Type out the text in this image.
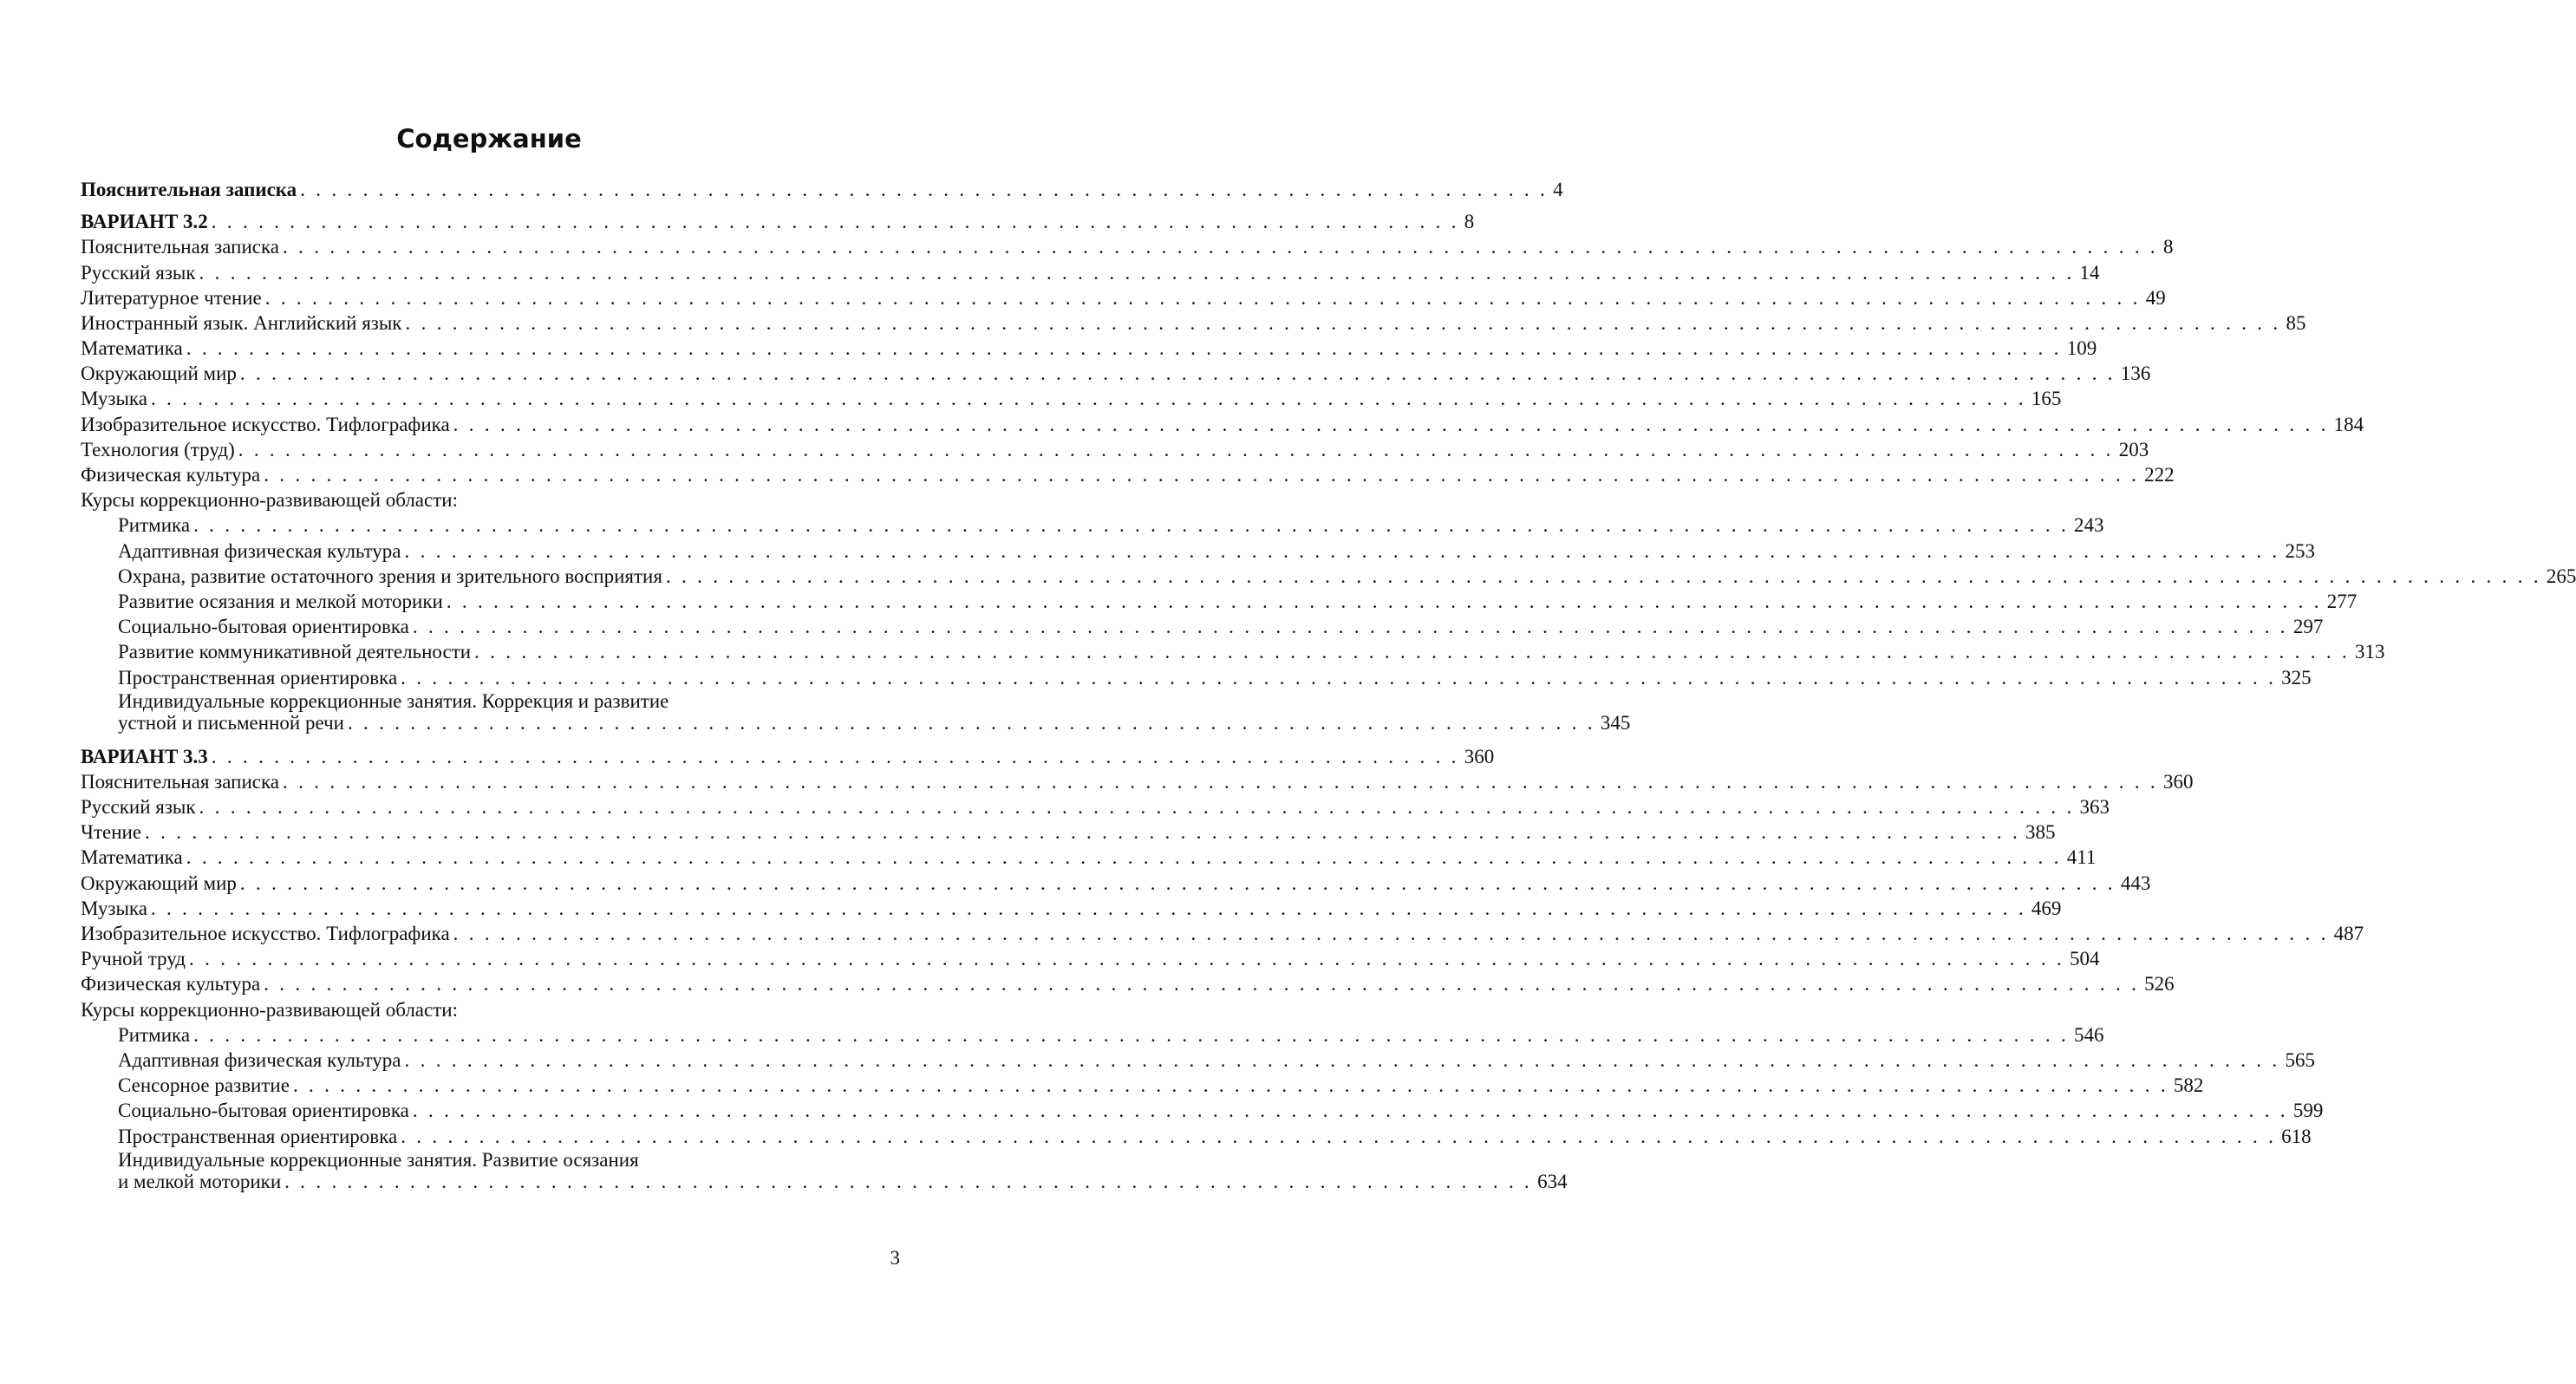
Содержание
Пояснительная записка . . . . . . . . . . . . . . . . . . . . . . . . . . . . . . . . . . . . . . . . . . . . . . . . . . . . . . . . . . . . . . . . . . . . . . . . . . . . . . . . 4
ВАРИАНТ 3.2 . . . . . . . . . . . . . . . . . . . . . . . . . . . . . . . . . . . . . . . . . . . . . . . . . . . . . . . . . . . . . . . . . . . . . . . . . . . . . . . . 8
Пояснительная записка . . . . . . . . . . . . . . . . . . . . . . . . . . . . . . . . . . . . . . . . . . . . . . . . . . . . . . . . . . . . . . . . . . . . . . . . . . . . . . . . . . . . . . . . . . . . . . . . . . . . . . . . . . . . . . . . . . . . . . . . 8
Русский язык . . . . . . . . . . . . . . . . . . . . . . . . . . . . . . . . . . . . . . . . . . . . . . . . . . . . . . . . . . . . . . . . . . . . . . . . . . . . . . . . . . . . . . . . . . . . . . . . . . . . . . . . . . . . . . . . . . . . . . . . 14
Литературное чтение . . . . . . . . . . . . . . . . . . . . . . . . . . . . . . . . . . . . . . . . . . . . . . . . . . . . . . . . . . . . . . . . . . . . . . . . . . . . . . . . . . . . . . . . . . . . . . . . . . . . . . . . . . . . . . . . . . . . . . . . 49
Иностранный язык. Английский язык . . . . . . . . . . . . . . . . . . . . . . . . . . . . . . . . . . . . . . . . . . . . . . . . . . . . . . . . . . . . . . . . . . . . . . . . . . . . . . . . . . . . . . . . . . . . . . . . . . . . . . . . . . . . . . . . . . . . . . . . 85
Математика . . . . . . . . . . . . . . . . . . . . . . . . . . . . . . . . . . . . . . . . . . . . . . . . . . . . . . . . . . . . . . . . . . . . . . . . . . . . . . . . . . . . . . . . . . . . . . . . . . . . . . . . . . . . . . . . . . . . . . . . 109
Окружающий мир . . . . . . . . . . . . . . . . . . . . . . . . . . . . . . . . . . . . . . . . . . . . . . . . . . . . . . . . . . . . . . . . . . . . . . . . . . . . . . . . . . . . . . . . . . . . . . . . . . . . . . . . . . . . . . . . . . . . . . . . 136
Музыка . . . . . . . . . . . . . . . . . . . . . . . . . . . . . . . . . . . . . . . . . . . . . . . . . . . . . . . . . . . . . . . . . . . . . . . . . . . . . . . . . . . . . . . . . . . . . . . . . . . . . . . . . . . . . . . . . . . . . . . . 165
Изобразительное искусство. Тифлографика . . . . . . . . . . . . . . . . . . . . . . . . . . . . . . . . . . . . . . . . . . . . . . . . . . . . . . . . . . . . . . . . . . . . . . . . . . . . . . . . . . . . . . . . . . . . . . . . . . . . . . . . . . . . . . . . . . . . . . . . 184
Технология (труд) . . . . . . . . . . . . . . . . . . . . . . . . . . . . . . . . . . . . . . . . . . . . . . . . . . . . . . . . . . . . . . . . . . . . . . . . . . . . . . . . . . . . . . . . . . . . . . . . . . . . . . . . . . . . . . . . . . . . . . . . 203
Физическая культура . . . . . . . . . . . . . . . . . . . . . . . . . . . . . . . . . . . . . . . . . . . . . . . . . . . . . . . . . . . . . . . . . . . . . . . . . . . . . . . . . . . . . . . . . . . . . . . . . . . . . . . . . . . . . . . . . . . . . . . . 222
Курсы коррекционно-развивающей области:
Ритмика . . . . . . . . . . . . . . . . . . . . . . . . . . . . . . . . . . . . . . . . . . . . . . . . . . . . . . . . . . . . . . . . . . . . . . . . . . . . . . . . . . . . . . . . . . . . . . . . . . . . . . . . . . . . . . . . . . . . . . . . 243
Адаптивная физическая культура . . . . . . . . . . . . . . . . . . . . . . . . . . . . . . . . . . . . . . . . . . . . . . . . . . . . . . . . . . . . . . . . . . . . . . . . . . . . . . . . . . . . . . . . . . . . . . . . . . . . . . . . . . . . . . . . . . . . . . . . 253
Охрана, развитие остаточного зрения и зрительного восприятия . . . . . . . . . . . . . . . . . . . . . . . . . . . . . . . . . . . . . . . . . . . . . . . . . . . . . . . . . . . . . . . . . . . . . . . . . . . . . . . . . . . . . . . . . . . . . . . . . . . . . . . . . . . . . . . . . . . . . . . . 265
Развитие осязания и мелкой моторики . . . . . . . . . . . . . . . . . . . . . . . . . . . . . . . . . . . . . . . . . . . . . . . . . . . . . . . . . . . . . . . . . . . . . . . . . . . . . . . . . . . . . . . . . . . . . . . . . . . . . . . . . . . . . . . . . . . . . . . . 277
Социально-бытовая ориентировка . . . . . . . . . . . . . . . . . . . . . . . . . . . . . . . . . . . . . . . . . . . . . . . . . . . . . . . . . . . . . . . . . . . . . . . . . . . . . . . . . . . . . . . . . . . . . . . . . . . . . . . . . . . . . . . . . . . . . . . . 297
Развитие коммуникативной деятельности . . . . . . . . . . . . . . . . . . . . . . . . . . . . . . . . . . . . . . . . . . . . . . . . . . . . . . . . . . . . . . . . . . . . . . . . . . . . . . . . . . . . . . . . . . . . . . . . . . . . . . . . . . . . . . . . . . . . . . . . 313
Пространственная ориентировка . . . . . . . . . . . . . . . . . . . . . . . . . . . . . . . . . . . . . . . . . . . . . . . . . . . . . . . . . . . . . . . . . . . . . . . . . . . . . . . . . . . . . . . . . . . . . . . . . . . . . . . . . . . . . . . . . . . . . . . . 325
Индивидуальные коррекционные занятия. Коррекция и развитие
устной и письменной речи . . . . . . . . . . . . . . . . . . . . . . . . . . . . . . . . . . . . . . . . . . . . . . . . . . . . . . . . . . . . . . . . . . . . . . . . . . . . . . . . 345
ВАРИАНТ 3.3 . . . . . . . . . . . . . . . . . . . . . . . . . . . . . . . . . . . . . . . . . . . . . . . . . . . . . . . . . . . . . . . . . . . . . . . . . . . . . . . . 360
Пояснительная записка . . . . . . . . . . . . . . . . . . . . . . . . . . . . . . . . . . . . . . . . . . . . . . . . . . . . . . . . . . . . . . . . . . . . . . . . . . . . . . . . . . . . . . . . . . . . . . . . . . . . . . . . . . . . . . . . . . . . . . . . 360
Русский язык . . . . . . . . . . . . . . . . . . . . . . . . . . . . . . . . . . . . . . . . . . . . . . . . . . . . . . . . . . . . . . . . . . . . . . . . . . . . . . . . . . . . . . . . . . . . . . . . . . . . . . . . . . . . . . . . . . . . . . . . 363
Чтение . . . . . . . . . . . . . . . . . . . . . . . . . . . . . . . . . . . . . . . . . . . . . . . . . . . . . . . . . . . . . . . . . . . . . . . . . . . . . . . . . . . . . . . . . . . . . . . . . . . . . . . . . . . . . . . . . . . . . . . . 385
Математика . . . . . . . . . . . . . . . . . . . . . . . . . . . . . . . . . . . . . . . . . . . . . . . . . . . . . . . . . . . . . . . . . . . . . . . . . . . . . . . . . . . . . . . . . . . . . . . . . . . . . . . . . . . . . . . . . . . . . . . . 411
Окружающий мир . . . . . . . . . . . . . . . . . . . . . . . . . . . . . . . . . . . . . . . . . . . . . . . . . . . . . . . . . . . . . . . . . . . . . . . . . . . . . . . . . . . . . . . . . . . . . . . . . . . . . . . . . . . . . . . . . . . . . . . . 443
Музыка . . . . . . . . . . . . . . . . . . . . . . . . . . . . . . . . . . . . . . . . . . . . . . . . . . . . . . . . . . . . . . . . . . . . . . . . . . . . . . . . . . . . . . . . . . . . . . . . . . . . . . . . . . . . . . . . . . . . . . . . 469
Изобразительное искусство. Тифлографика . . . . . . . . . . . . . . . . . . . . . . . . . . . . . . . . . . . . . . . . . . . . . . . . . . . . . . . . . . . . . . . . . . . . . . . . . . . . . . . . . . . . . . . . . . . . . . . . . . . . . . . . . . . . . . . . . . . . . . . . 487
Ручной труд . . . . . . . . . . . . . . . . . . . . . . . . . . . . . . . . . . . . . . . . . . . . . . . . . . . . . . . . . . . . . . . . . . . . . . . . . . . . . . . . . . . . . . . . . . . . . . . . . . . . . . . . . . . . . . . . . . . . . . . . 504
Физическая культура . . . . . . . . . . . . . . . . . . . . . . . . . . . . . . . . . . . . . . . . . . . . . . . . . . . . . . . . . . . . . . . . . . . . . . . . . . . . . . . . . . . . . . . . . . . . . . . . . . . . . . . . . . . . . . . . . . . . . . . . 526
Курсы коррекционно-развивающей области:
Ритмика . . . . . . . . . . . . . . . . . . . . . . . . . . . . . . . . . . . . . . . . . . . . . . . . . . . . . . . . . . . . . . . . . . . . . . . . . . . . . . . . . . . . . . . . . . . . . . . . . . . . . . . . . . . . . . . . . . . . . . . . 546
Адаптивная физическая культура . . . . . . . . . . . . . . . . . . . . . . . . . . . . . . . . . . . . . . . . . . . . . . . . . . . . . . . . . . . . . . . . . . . . . . . . . . . . . . . . . . . . . . . . . . . . . . . . . . . . . . . . . . . . . . . . . . . . . . . . 565
Сенсорное развитие . . . . . . . . . . . . . . . . . . . . . . . . . . . . . . . . . . . . . . . . . . . . . . . . . . . . . . . . . . . . . . . . . . . . . . . . . . . . . . . . . . . . . . . . . . . . . . . . . . . . . . . . . . . . . . . . . . . . . . . . 582
Социально-бытовая ориентировка . . . . . . . . . . . . . . . . . . . . . . . . . . . . . . . . . . . . . . . . . . . . . . . . . . . . . . . . . . . . . . . . . . . . . . . . . . . . . . . . . . . . . . . . . . . . . . . . . . . . . . . . . . . . . . . . . . . . . . . . 599
Пространственная ориентировка . . . . . . . . . . . . . . . . . . . . . . . . . . . . . . . . . . . . . . . . . . . . . . . . . . . . . . . . . . . . . . . . . . . . . . . . . . . . . . . . . . . . . . . . . . . . . . . . . . . . . . . . . . . . . . . . . . . . . . . . 618
Индивидуальные коррекционные занятия. Развитие осязания
и мелкой моторики . . . . . . . . . . . . . . . . . . . . . . . . . . . . . . . . . . . . . . . . . . . . . . . . . . . . . . . . . . . . . . . . . . . . . . . . . . . . . . . . 634
3
